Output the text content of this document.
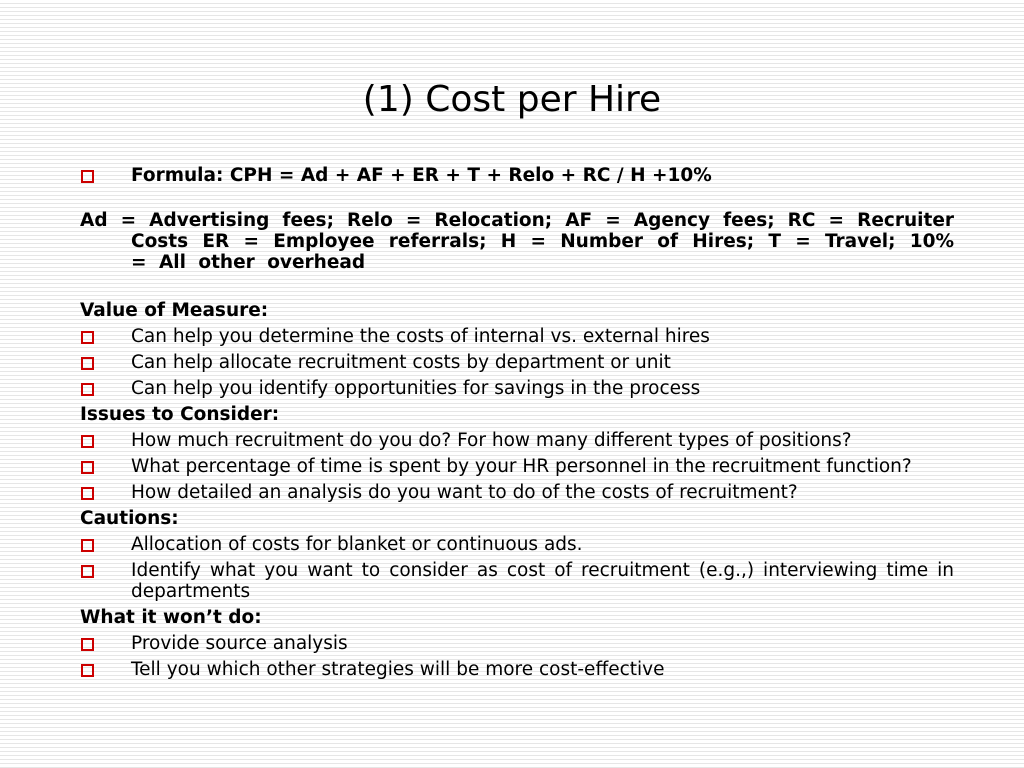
(1) Cost per Hire
Formula: CPH = Ad + AF + ER + T + Relo + RC / H +10%
Ad = Advertising fees; Relo = Relocation; AF = Agency fees; RC = Recruiter Costs ER = Employee referrals; H = Number of Hires; T = Travel; 10% = All other overhead
Value of Measure:
Can help you determine the costs of internal vs. external hires
Can help allocate recruitment costs by department or unit
Can help you identify opportunities for savings in the process
Issues to Consider:
How much recruitment do you do? For how many different types of positions?
What percentage of time is spent by your HR personnel in the recruitment function?
How detailed an analysis do you want to do of the costs of recruitment?
Cautions:
Allocation of costs for blanket or continuous ads.
Identify what you want to consider as cost of recruitment (e.g.,) interviewing time in departments
What it won’t do:
Provide source analysis
Tell you which other strategies will be more cost-effective
